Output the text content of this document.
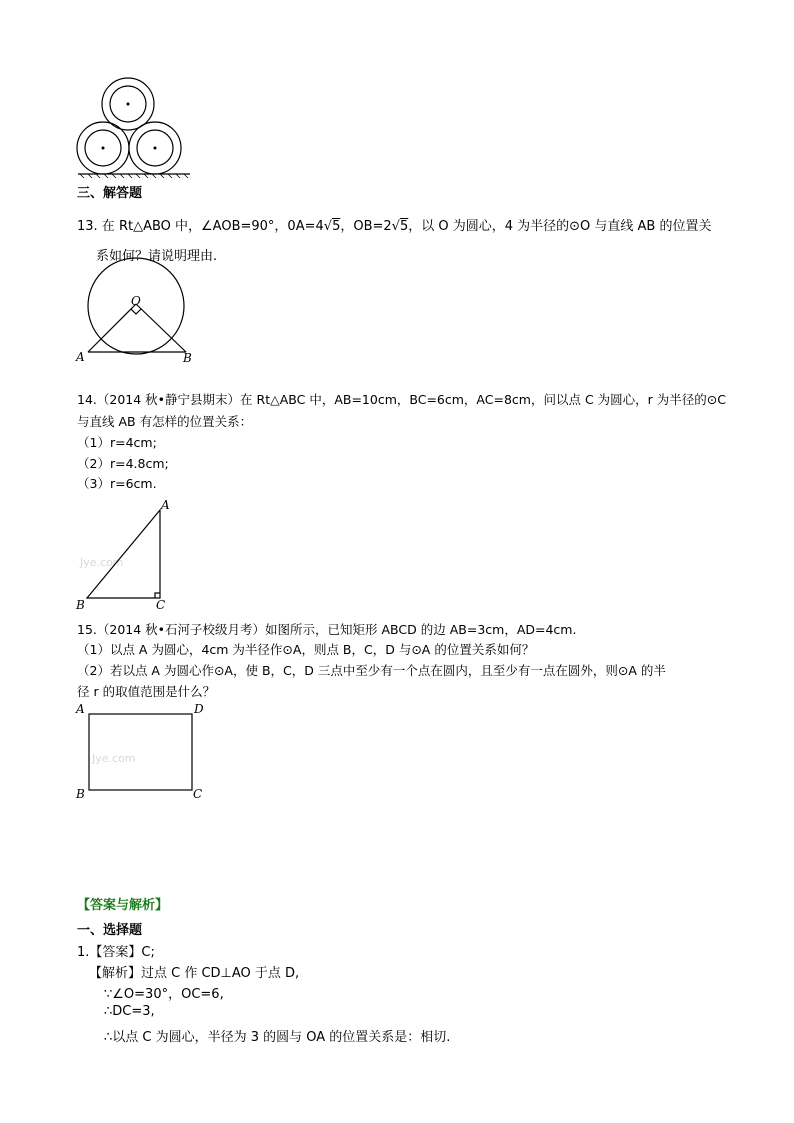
三、解答题
13. 在 Rt△ABO 中，∠AOB=90°，0A=4√5，OB=2√5，以 O 为圆心，4 为半径的⊙O 与直线 AB 的位置关
系如何？请说明理由.
O
A	B
14.（2014 秋•静宁县期末）在 Rt△ABC 中，AB=10cm，BC=6cm，AC=8cm，问以点 C 为圆心，r 为半径的⊙C
与直线 AB 有怎样的位置关系：
（1）r=4cm;
（2）r=4.8cm;
（3）r=6cm.
Jye.com
A
B	C
15.（2014 秋•石河子校级月考）如图所示，已知矩形 ABCD 的边 AB=3cm，AD=4cm.
（1）以点 A 为圆心，4cm 为半径作⊙A，则点 B，C，D 与⊙A 的位置关系如何？
（2）若以点 A 为圆心作⊙A，使 B，C，D 三点中至少有一个点在圆内，且至少有一点在圆外，则⊙A 的半
径 r 的取值范围是什么？
Jye.com
A	D
B	C
【答案与解析】
一、选择题
1.【答案】C;
【解析】过点 C 作 CD⊥AO 于点 D,
∵∠O=30°，OC=6,
∴DC=3,
∴以点 C 为圆心，半径为 3 的圆与 OA 的位置关系是：相切.
